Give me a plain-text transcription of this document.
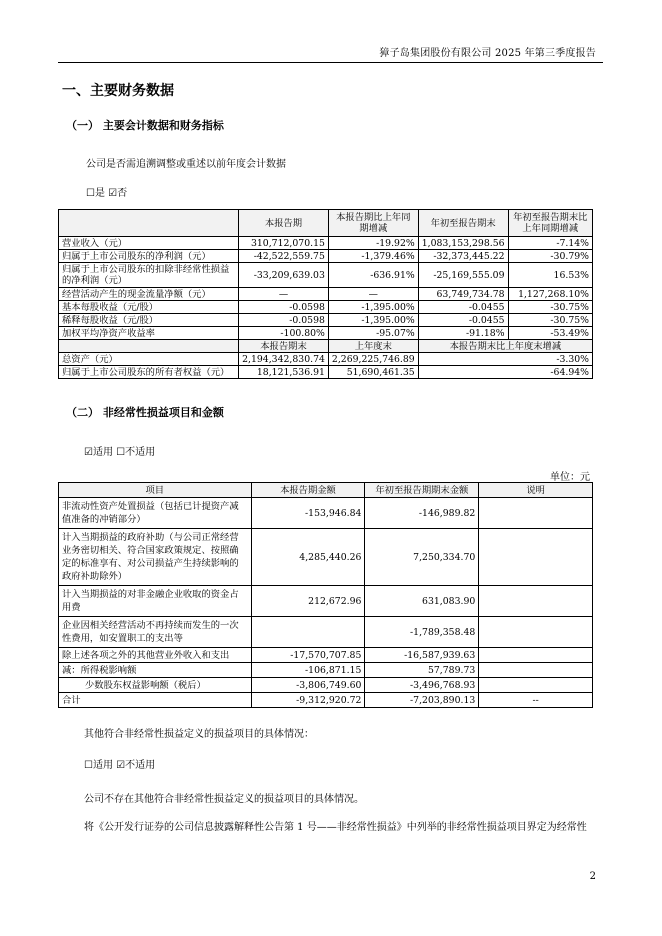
獐子岛集团股份有限公司 2025 年第三季度报告
一、主要财务数据
（一） 主要会计数据和财务指标
公司是否需追溯调整或重述以前年度会计数据
☐是 ☑否
	本报告期	本报告期比上年同期增减	年初至报告期末	年初至报告期末比上年同期增减
营业收入（元）	310,712,070.15	-19.92%	1,083,153,298.56	-7.14%
归属于上市公司股东的净利润（元）	-42,522,559.75	-1,379.46%	-32,373,445.22	-30.79%
归属于上市公司股东的扣除非经常性损益的净利润（元）	-33,209,639.03	-636.91%	-25,169,555.09	16.53%
经营活动产生的现金流量净额（元）	—	—	63,749,734.78	1,127,268.10%
基本每股收益（元/股）	-0.0598	-1,395.00%	-0.0455	-30.75%
稀释每股收益（元/股）	-0.0598	-1,395.00%	-0.0455	-30.75%
加权平均净资产收益率	-100.80%	-95.07%	-91.18%	-53.49%
	本报告期末	上年度末	本报告期末比上年度末增减	
总资产（元）	2,194,342,830.74	2,269,225,746.89	-3.30%	
归属于上市公司股东的所有者权益（元）	18,121,536.91	51,690,461.35	-64.94%	
（二） 非经常性损益项目和金额
☑适用 ☐不适用
单位：元
项目	本报告期金额	年初至报告期期末金额	说明
非流动性资产处置损益（包括已计提资产减值准备的冲销部分）	-153,946.84	-146,989.82	
计入当期损益的政府补助（与公司正常经营业务密切相关、符合国家政策规定、按照确定的标准享有、对公司损益产生持续影响的政府补助除外）	4,285,440.26	7,250,334.70	
计入当期损益的对非金融企业收取的资金占用费	212,672.96	631,083.90	
企业因相关经营活动不再持续而发生的一次性费用，如安置职工的支出等		-1,789,358.48	
除上述各项之外的其他营业外收入和支出	-17,570,707.85	-16,587,939.63	
减：所得税影响额	-106,871.15	57,789.73	
少数股东权益影响额（税后）	-3,806,749.60	-3,496,768.93	
合计	-9,312,920.72	-7,203,890.13	--
其他符合非经常性损益定义的损益项目的具体情况：
☐适用 ☑不适用
公司不存在其他符合非经常性损益定义的损益项目的具体情况。
将《公开发行证券的公司信息披露解释性公告第 1 号——非经常性损益》中列举的非经常性损益项目界定为经常性
2
